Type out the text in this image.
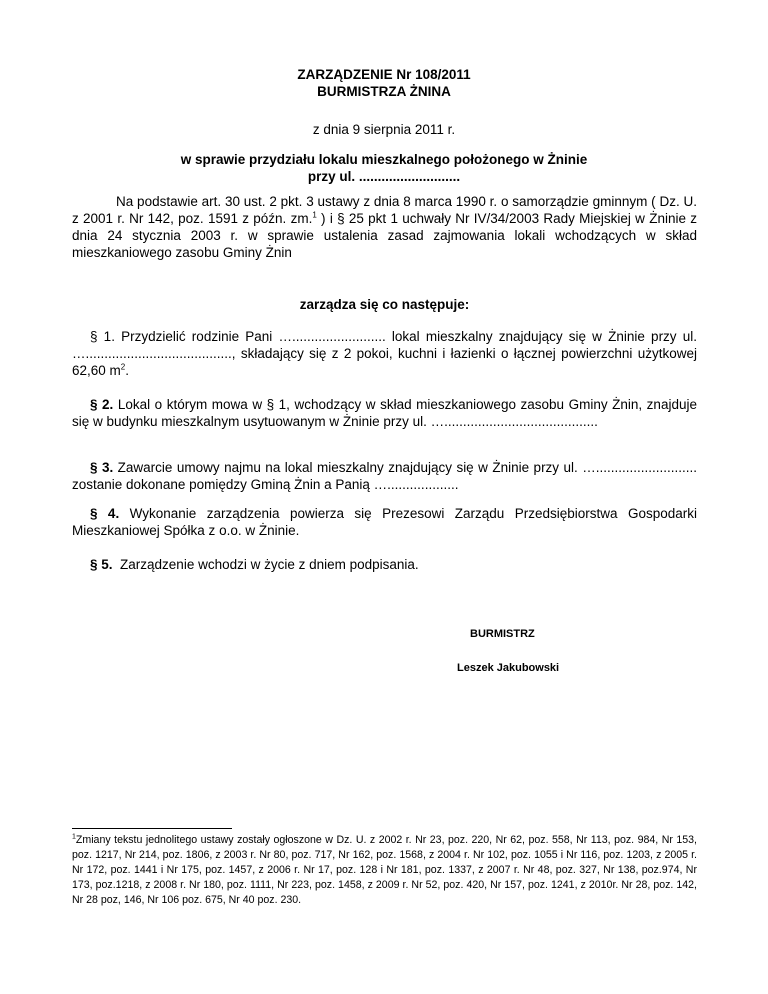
ZARZĄDZENIE Nr 108/2011
BURMISTRZA ŻNINA
z dnia 9 sierpnia 2011 r.
w sprawie przydziału lokalu mieszkalnego położonego w Żninie
przy ul. ...........................
Na podstawie art. 30 ust. 2 pkt. 3 ustawy z dnia 8 marca 1990 r. o samorządzie gminnym ( Dz. U. z 2001 r. Nr 142, poz. 1591 z późn. zm.$^1$ ) i § 25 pkt 1 uchwały Nr IV/34/2003 Rady Miejskiej w Żninie z dnia 24 stycznia 2003 r. w sprawie ustalenia zasad zajmowania lokali wchodzących w skład mieszkaniowego zasobu Gminy Żnin
zarządza się co następuje:
§ 1. Przydzielić rodzinie Pani …......................... lokal mieszkalny znajdujący się w Żninie przy ul. …......................................., składający się z 2 pokoi, kuchni i łazienki o łącznej powierzchni użytkowej 62,60 $m^2$.
§ 2. Lokal o którym mowa w § 1, wchodzący w skład mieszkaniowego zasobu Gminy Żnin, znajduje się w budynku mieszkalnym usytuowanym w Żninie przy ul. ….........................................
§ 3. Zawarcie umowy najmu na lokal mieszkalny znajdujący się w Żninie przy ul. …........................... zostanie dokonane pomiędzy Gminą Żnin a Panią …...................
§ 4. Wykonanie zarządzenia powierza się Prezesowi Zarządu Przedsiębiorstwa Gospodarki Mieszkaniowej Spółka z o.o. w Żninie.
§ 5.  Zarządzenie wchodzi w życie z dniem podpisania.
BURMISTRZ
Leszek Jakubowski
$^1$Zmiany tekstu jednolitego ustawy zostały ogłoszone w Dz. U. z 2002 r. Nr 23, poz. 220, Nr 62, poz. 558, Nr 113, poz. 984, Nr 153, poz. 1217, Nr 214, poz. 1806, z 2003 r. Nr 80, poz. 717, Nr 162, poz. 1568, z 2004 r. Nr 102, poz. 1055 i Nr 116, poz. 1203, z 2005 r. Nr 172, poz. 1441 i Nr 175, poz. 1457, z 2006 r. Nr 17, poz. 128 i Nr 181, poz. 1337, z 2007 r. Nr 48, poz. 327, Nr 138, poz.974, Nr 173, poz.1218, z 2008 r. Nr 180, poz. 1111, Nr 223, poz. 1458, z 2009 r. Nr 52, poz. 420, Nr 157, poz. 1241, z 2010r. Nr 28, poz. 142, Nr 28 poz, 146, Nr 106 poz. 675, Nr 40 poz. 230.
